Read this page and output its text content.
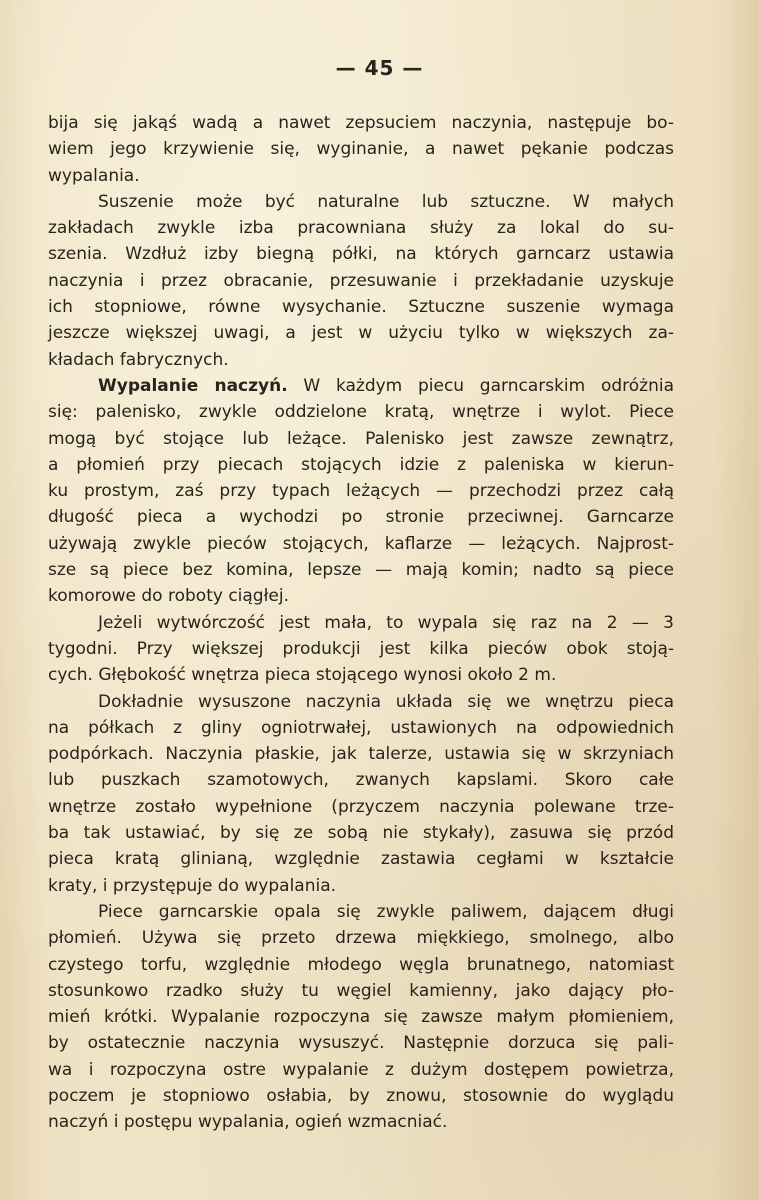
— 45 —

bija się jakąś wadą a nawet zepsuciem naczynia, następuje bo-

wiem jego krzywienie się, wyginanie, a nawet pękanie podczas

wypalania.

Suszenie może być naturalne lub sztuczne. W małych

zakładach zwykle izba pracowniana służy za lokal do su-

szenia. Wzdłuż izby biegną półki, na których garncarz ustawia

naczynia i przez obracanie, przesuwanie i przekładanie uzyskuje

ich stopniowe, równe wysychanie. Sztuczne suszenie wymaga

jeszcze większej uwagi, a jest w użyciu tylko w większych za-

kładach fabrycznych.

Wypalanie naczyń. W każdym piecu garncarskim odróżnia

się: palenisko, zwykle oddzielone kratą, wnętrze i wylot. Piece

mogą być stojące lub leżące. Palenisko jest zawsze zewnątrz,

a płomień przy piecach stojących idzie z paleniska w kierun-

ku prostym, zaś przy typach leżących — przechodzi przez całą

długość pieca a wychodzi po stronie przeciwnej. Garncarze

używają zwykle pieców stojących, kaflarze — leżących. Najprost-

sze są piece bez komina, lepsze — mają komin; nadto są piece

komorowe do roboty ciągłej.

Jeżeli wytwórczość jest mała, to wypala się raz na 2 — 3

tygodni. Przy większej produkcji jest kilka pieców obok stoją-

cych. Głębokość wnętrza pieca stojącego wynosi około 2 m.

Dokładnie wysuszone naczynia układa się we wnętrzu pieca

na półkach z gliny ogniotrwałej, ustawionych na odpowiednich

podpórkach. Naczynia płaskie, jak talerze, ustawia się w skrzyniach

lub puszkach szamotowych, zwanych kapslami. Skoro całe

wnętrze zostało wypełnione (przyczem naczynia polewane trze-

ba tak ustawiać, by się ze sobą nie stykały), zasuwa się przód

pieca kratą glinianą, względnie zastawia cegłami w kształcie

kraty, i przystępuje do wypalania.

Piece garncarskie opala się zwykle paliwem, dającem długi

płomień. Używa się przeto drzewa miękkiego, smolnego, albo

czystego torfu, względnie młodego węgla brunatnego, natomiast

stosunkowo rzadko służy tu węgiel kamienny, jako dający pło-

mień krótki. Wypalanie rozpoczyna się zawsze małym płomieniem,

by ostatecznie naczynia wysuszyć. Następnie dorzuca się pali-

wa i rozpoczyna ostre wypalanie z dużym dostępem powietrza,

poczem je stopniowo osłabia, by znowu, stosownie do wyglądu

naczyń i postępu wypalania, ogień wzmacniać.
